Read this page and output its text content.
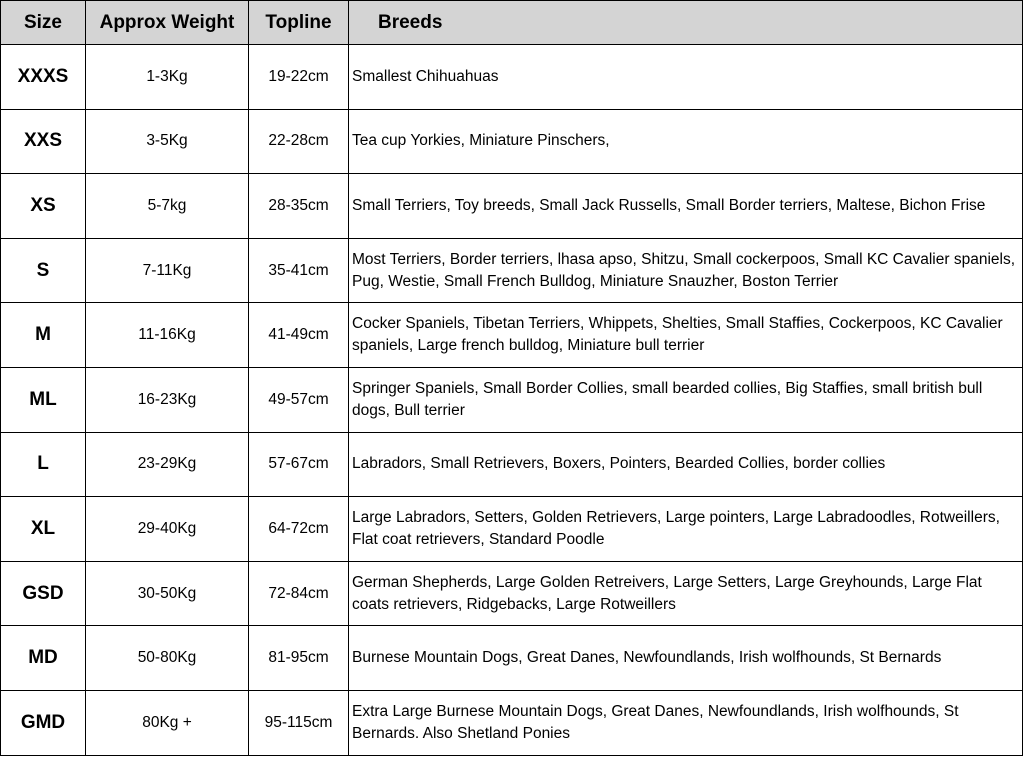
Size	Approx Weight	Topline	Breeds
XXXS	1-3Kg	19-22cm	Smallest Chihuahuas
XXS	3-5Kg	22-28cm	Tea cup Yorkies, Miniature Pinschers,
XS	5-7kg	28-35cm	Small Terriers, Toy breeds, Small Jack Russells, Small Border terriers, Maltese, Bichon Frise
S	7-11Kg	35-41cm	Most Terriers, Border terriers, lhasa apso, Shitzu, Small cockerpoos, Small KC Cavalier spaniels, Pug, Westie, Small French Bulldog, Miniature Snauzher, Boston Terrier
M	11-16Kg	41-49cm	Cocker Spaniels, Tibetan Terriers, Whippets, Shelties, Small Staffies, Cockerpoos, KC Cavalier spaniels, Large french bulldog, Miniature bull terrier
ML	16-23Kg	49-57cm	Springer Spaniels, Small Border Collies, small bearded collies, Big Staffies, small british bull dogs, Bull terrier
L	23-29Kg	57-67cm	Labradors, Small Retrievers, Boxers, Pointers, Bearded Collies, border collies
XL	29-40Kg	64-72cm	Large Labradors, Setters, Golden Retrievers, Large pointers, Large Labradoodles, Rotweillers, Flat coat retrievers, Standard Poodle
GSD	30-50Kg	72-84cm	German Shepherds, Large Golden Retreivers, Large Setters, Large Greyhounds, Large Flat coats retrievers, Ridgebacks, Large Rotweillers
MD	50-80Kg	81-95cm	Burnese Mountain Dogs, Great Danes, Newfoundlands, Irish wolfhounds, St Bernards
GMD	80Kg +	95-115cm	Extra Large Burnese Mountain Dogs, Great Danes, Newfoundlands, Irish wolfhounds, St Bernards. Also Shetland Ponies
